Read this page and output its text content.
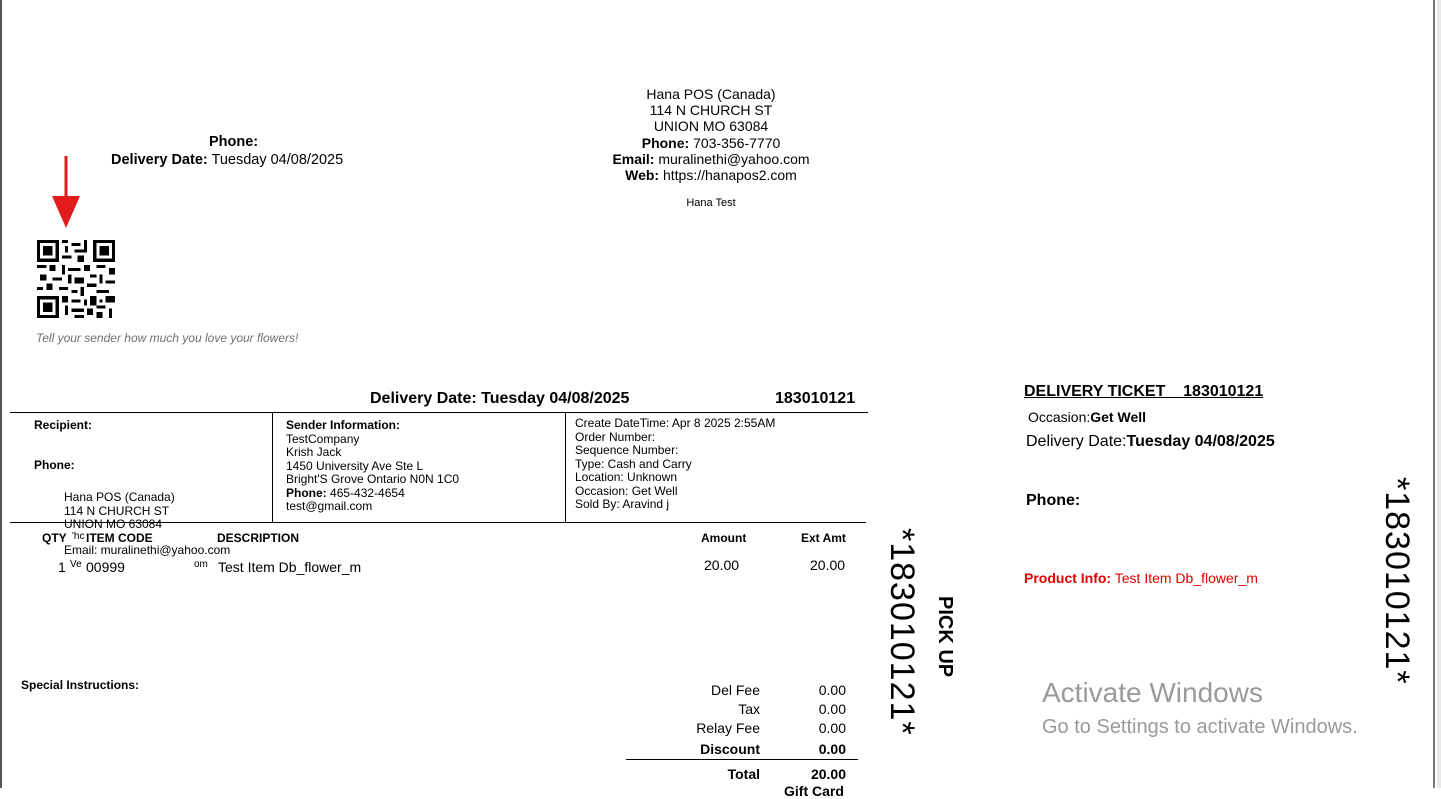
Hana POS (Canada)
114 N CHURCH ST
UNION MO 63084
Phone: 703-356-7770
Email: muralinethi@yahoo.com
Web: https://hanapos2.com
Hana Test
Phone:
Delivery Date: Tuesday 04/08/2025
Tell your sender how much you love your flowers!
Delivery Date: Tuesday 04/08/2025	183010121
Recipient:
Phone:
Hana POS (Canada)
114 N CHURCH ST
UNION MO 63084
Email: muralinethi@yahoo.com
Sender Information:
TestCompany
Krish Jack
1450 University Ave Ste L
Bright'S Grove Ontario N0N 1C0
Phone: 465-432-4654
test@gmail.com
Create DateTime: Apr 8 2025 2:55AM
Order Number:
Sequence Number:
Type: Cash and Carry
Location: Unknown
Occasion: Get Well
Sold By: Aravind j
QTY 'hc ITEM CODE	DESCRIPTION	Amount	Ext Amt
1 Ve 00999	om Test Item Db_flower_m	20.00	20.00
Special Instructions:	Del Fee	0.00
Tax	0.00
Relay Fee	0.00
Discount	0.00
Total	20.00
Gift Card
*183010121* PICK UP
DELIVERY TICKET 183010121
Occasion:Get Well
Delivery Date:Tuesday 04/08/2025
Phone:
Product Info: Test Item Db_flower_m	*183010121*
Activate Windows
Go to Settings to activate Windows.
